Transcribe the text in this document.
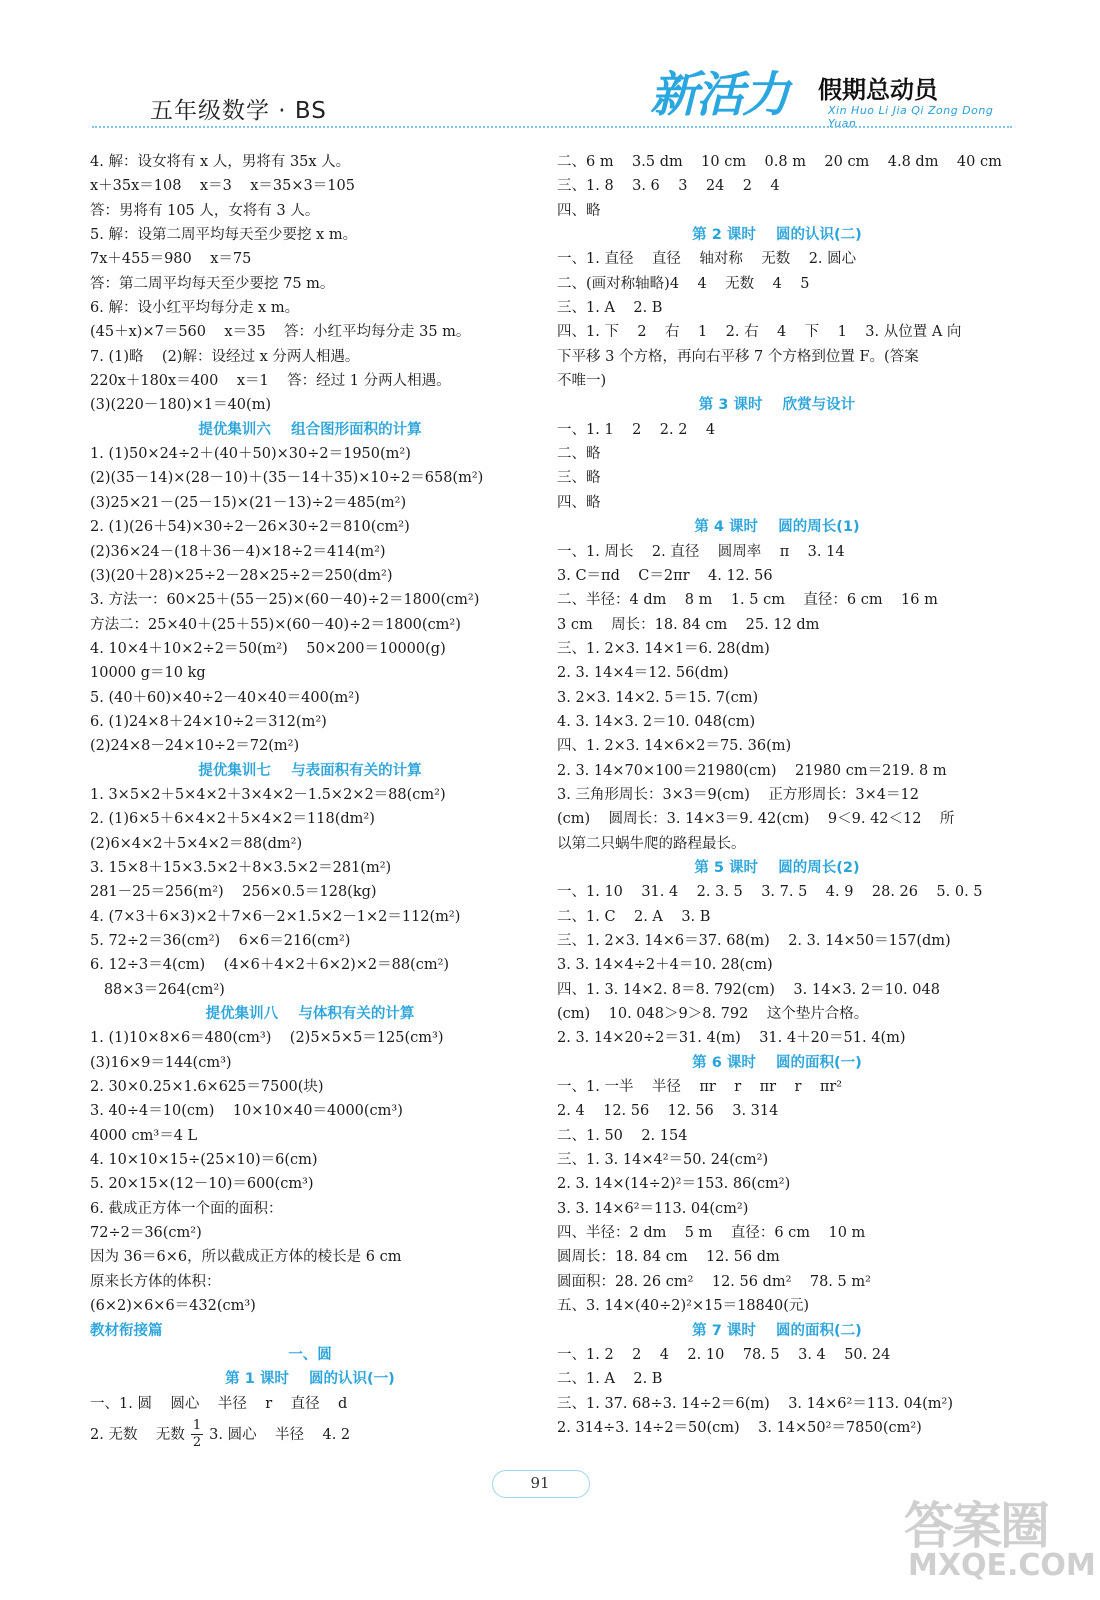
五年级数学 · BS	新活力 假期总动员
Xin Huo Li Jia Qi Zong Dong Yuan
4. 解：设女将有 x 人，男将有 35x 人。
x＋35x＝108    x＝3    x＝35×3＝105
答：男将有 105 人，女将有 3 人。
5. 解：设第二周平均每天至少要挖 x m。
7x＋455＝980    x＝75
答：第二周平均每天至少要挖 75 m。
6. 解：设小红平均每分走 x m。
(45＋x)×7＝560    x＝35    答：小红平均每分走 35 m。
7. (1)略    (2)解：设经过 x 分两人相遇。
220x＋180x＝400    x＝1    答：经过 1 分两人相遇。
(3)(220－180)×1＝40(m)
提优集训六    组合图形面积的计算
1. (1)50×24÷2＋(40＋50)×30÷2＝1950(m²)
(2)(35－14)×(28－10)＋(35－14＋35)×10÷2＝658(m²)
(3)25×21－(25－15)×(21－13)÷2＝485(m²)
2. (1)(26＋54)×30÷2－26×30÷2＝810(cm²)
(2)36×24－(18＋36－4)×18÷2＝414(m²)
(3)(20＋28)×25÷2－28×25÷2＝250(dm²)
3. 方法一：60×25＋(55－25)×(60－40)÷2＝1800(cm²)
方法二：25×40＋(25＋55)×(60－40)÷2＝1800(cm²)
4. 10×4＋10×2÷2＝50(m²)    50×200＝10000(g)
10000 g＝10 kg
5. (40＋60)×40÷2－40×40＝400(m²)
6. (1)24×8＋24×10÷2＝312(m²)
(2)24×8－24×10÷2＝72(m²)
提优集训七    与表面积有关的计算
1. 3×5×2＋5×4×2＋3×4×2－1.5×2×2＝88(cm²)
2. (1)6×5＋6×4×2＋5×4×2＝118(dm²)
(2)6×4×2＋5×4×2＝88(dm²)
3. 15×8＋15×3.5×2＋8×3.5×2＝281(m²)
281－25＝256(m²)    256×0.5＝128(kg)
4. (7×3＋6×3)×2＋7×6－2×1.5×2－1×2＝112(m²)
5. 72÷2＝36(cm²)    6×6＝216(cm²)
6. 12÷3＝4(cm)    (4×6＋4×2＋6×2)×2＝88(cm²)
88×3＝264(cm²)
提优集训八    与体积有关的计算
1. (1)10×8×6＝480(cm³)    (2)5×5×5＝125(cm³)
(3)16×9＝144(cm³)
2. 30×0.25×1.6×625＝7500(块)
3. 40÷4＝10(cm)    10×10×40＝4000(cm³)
4000 cm³＝4 L
4. 10×10×15÷(25×10)＝6(cm)
5. 20×15×(12－10)＝600(cm³)
6. 截成正方体一个面的面积：
72÷2＝36(cm²)
因为 36＝6×6，所以截成正方体的棱长是 6 cm
原来长方体的体积：
(6×2)×6×6＝432(cm³)
教材衔接篇
一、圆
第 1 课时    圆的认识(一)
一、1. 圆    圆心    半径    r    直径    d
2. 无数    无数 $\frac{1}{2} 3$. 圆心    半径    4. 2
二、6 m    3.5 dm    10 cm    0.8 m    20 cm    4.8 dm    40 cm
三、1. 8    3. 6    3    24    2    4
四、略
第 2 课时    圆的认识(二)
一、1. 直径    直径    轴对称    无数    2. 圆心
二、(画对称轴略)4    4    无数    4    5
三、1. A    2. B
四、1. 下    2    右    1    2. 右    4    下    1    3. 从位置 A 向
下平移 3 个方格，再向右平移 7 个方格到位置 F。(答案
不唯一)
第 3 课时    欣赏与设计
一、1. 1    2    2. 2    4
二、略
三、略
四、略
第 4 课时    圆的周长(1)
一、1. 周长    2. 直径    圆周率    π    3. 14
3. C＝πd    C＝2πr    4. 12. 56
二、半径：4 dm    8 m    1. 5 cm    直径：6 cm    16 m
3 cm    周长：18. 84 cm    25. 12 dm
三、1. 2×3. 14×1＝6. 28(dm)
2. 3. 14×4＝12. 56(dm)
3. 2×3. 14×2. 5＝15. 7(cm)
4. 3. 14×3. 2＝10. 048(cm)
四、1. 2×3. 14×6×2＝75. 36(m)
2. 3. 14×70×100＝21980(cm)    21980 cm＝219. 8 m
3. 三角形周长：3×3＝9(cm)    正方形周长：3×4＝12
(cm)    圆周长：3. 14×3＝9. 42(cm)    9＜9. 42＜12    所
以第二只蜗牛爬的路程最长。
第 5 课时    圆的周长(2)
一、1. 10    31. 4    2. 3. 5    3. 7. 5    4. 9    28. 26    5. 0. 5
二、1. C    2. A    3. B
三、1. 2×3. 14×6＝37. 68(m)    2. 3. 14×50＝157(dm)
3. 3. 14×4÷2＋4＝10. 28(cm)
四、1. 3. 14×2. 8＝8. 792(cm)    3. 14×3. 2＝10. 048
(cm)    10. 048＞9＞8. 792    这个垫片合格。
2. 3. 14×20÷2＝31. 4(m)    31. 4＋20＝51. 4(m)
第 6 课时    圆的面积(一)
一、1. 一半    半径    πr    r    πr    r    πr²
2. 4    12. 56    12. 56    3. 314
二、1. 50    2. 154
三、1. 3. 14×4²＝50. 24(cm²)
2. 3. 14×(14÷2)²＝153. 86(cm²)
3. 3. 14×6²＝113. 04(cm²)
四、半径：2 dm    5 m    直径：6 cm    10 m
圆周长：18. 84 cm    12. 56 dm
圆面积：28. 26 cm²    12. 56 dm²    78. 5 m²
五、3. 14×(40÷2)²×15＝18840(元)
第 7 课时    圆的面积(二)
一、1. 2    2    4    2. 10    78. 5    3. 4    50. 24
二、1. A    2. B
三、1. 37. 68÷3. 14÷2＝6(m)    3. 14×6²＝113. 04(m²)
2. 314÷3. 14÷2＝50(cm)    3. 14×50²＝7850(cm²)
91
答案圈
MXQE.COM
